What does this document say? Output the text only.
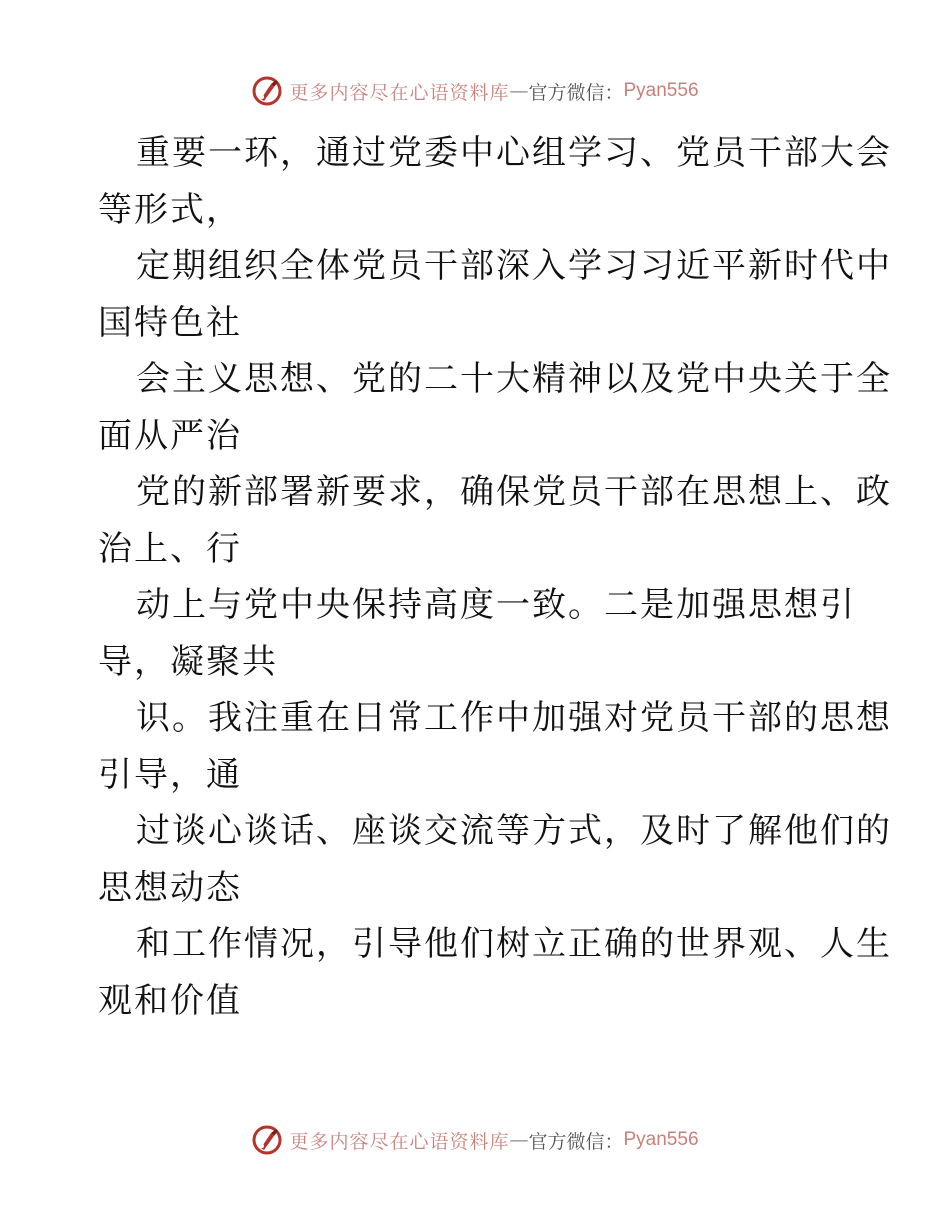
更多内容尽在心语资料库 — 官方微信： Pyan556
重要一环，通过党委中心组学习、党员干部大会
等形式，
定期组织全体党员干部深入学习习近平新时代中
国特色社
会主义思想、党的二十大精神以及党中央关于全
面从严治
党的新部署新要求，确保党员干部在思想上、政
治上、行
动上与党中央保持高度一致。二是加强思想引
导，凝聚共
识。我注重在日常工作中加强对党员干部的思想
引导，通
过谈心谈话、座谈交流等方式，及时了解他们的
思想动态
和工作情况，引导他们树立正确的世界观、人生
观和价值
更多内容尽在心语资料库 — 官方微信： Pyan556
